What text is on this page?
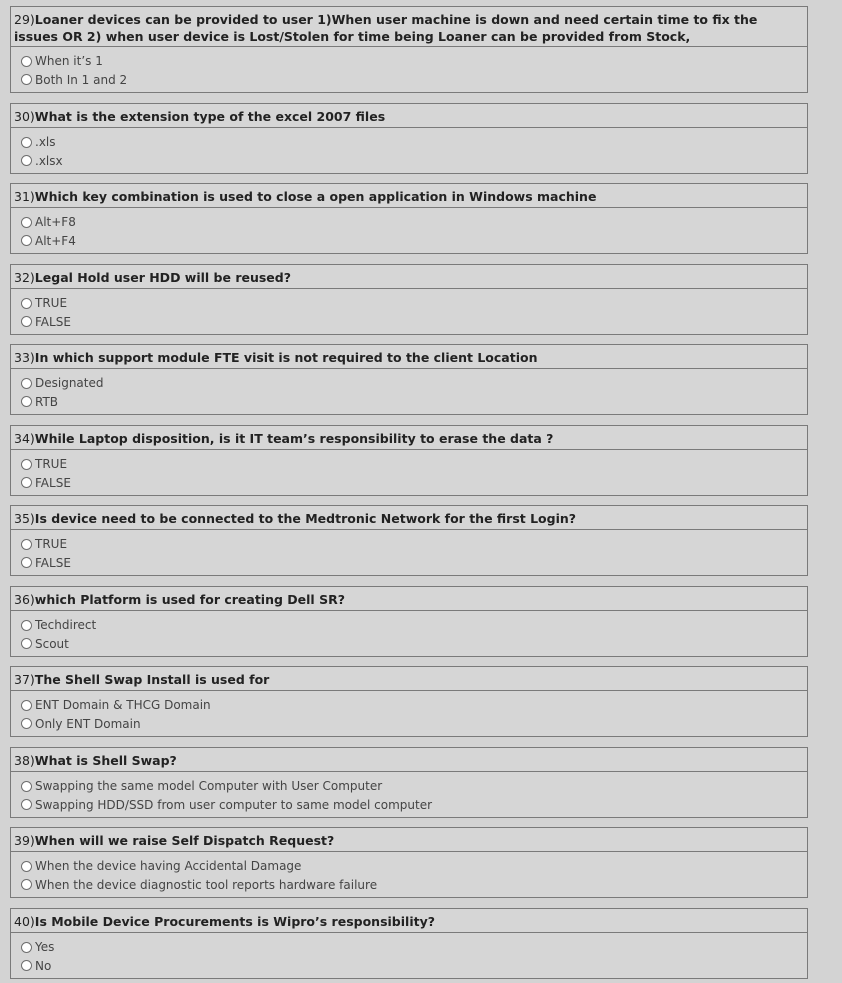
29)Loaner devices can be provided to user 1)When user machine is down and need certain time to fix the issues OR 2) when user device is Lost/Stolen for time being Loaner can be provided from Stock,
When it’s 1
Both In 1 and 2
30)What is the extension type of the excel 2007 files
.xls
.xlsx
31)Which key combination is used to close a open application in Windows machine
Alt+F8
Alt+F4
32)Legal Hold user HDD will be reused?
TRUE
FALSE
33)In which support module FTE visit is not required to the client Location
Designated
RTB
34)While Laptop disposition, is it IT team’s responsibility to erase the data ?
TRUE
FALSE
35)Is device need to be connected to the Medtronic Network for the first Login?
TRUE
FALSE
36)which Platform is used for creating Dell SR?
Techdirect
Scout
37)The Shell Swap Install is used for
ENT Domain & THCG Domain
Only ENT Domain
38)What is Shell Swap?
Swapping the same model Computer with User Computer
Swapping HDD/SSD from user computer to same model computer
39)When will we raise Self Dispatch Request?
When the device having Accidental Damage
When the device diagnostic tool reports hardware failure
40)Is Mobile Device Procurements is Wipro’s responsibility?
Yes
No
